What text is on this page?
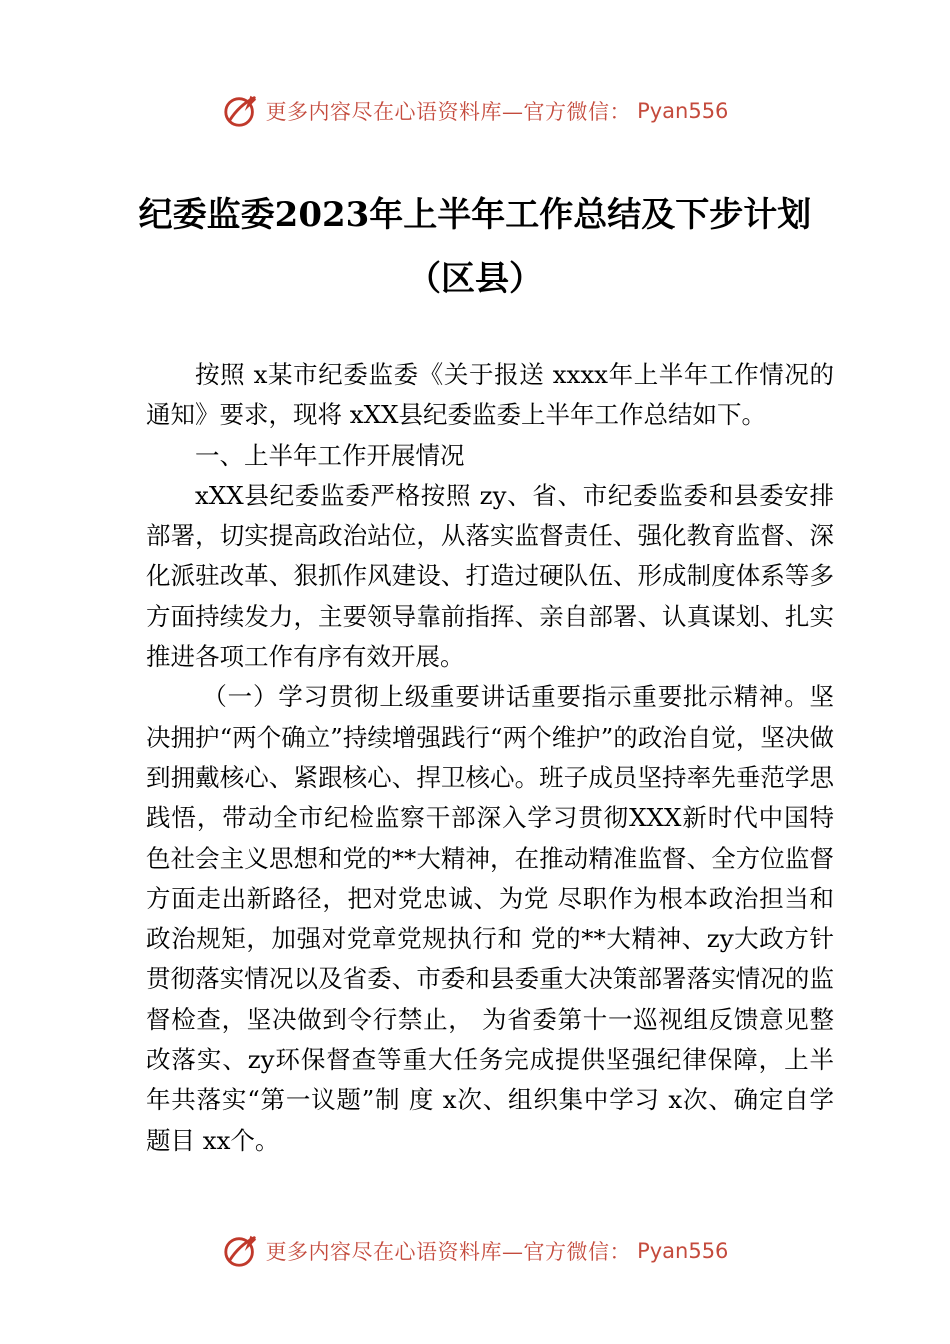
更多内容尽在心语资料库—官方微信： Pyan556
纪委监委2023年上半年工作总结及下步计划（区县）

按照 x某市纪委监委《关于报送 xxxx年上半年工作情况的通知》要求，现将 xXX县纪委监委上半年工作总结如下。

一、上半年工作开展情况

xXX县纪委监委严格按照 zy、省、市纪委监委和县委安排部署，切实提高政治站位，从落实监督责任、强化教育监督、深化派驻改革、狠抓作风建设、打造过硬队伍、形成制度体系等多方面持续发力，主要领导靠前指挥、亲自部署、认真谋划、扎实推进各项工作有序有效开展。

（一）学习贯彻上级重要讲话重要指示重要批示精神。坚决拥护“两个确立”持续增强践行“两个维护”的政治自觉，坚决做到拥戴核心、紧跟核心、捍卫核心。班子成员坚持率先垂范学思践悟，带动全市纪检监察干部深入学习贯彻XXX新时代中国特色社会主义思想和党的**大精神，在推动精准监督、全方位监督方面走出新路径，把对党忠诚、为党 尽职作为根本政治担当和政治规矩，加强对党章党规执行和 党的**大精神、zy大政方针贯彻落实情况以及省委、市委和县委重大决策部署落实情况的监督检查，坚决做到令行禁止， 为省委第十一巡视组反馈意见整改落实、zy环保督查等重大任务完成提供坚强纪律保障，上半年共落实“第一议题”制 度 x次、组织集中学习 x次、确定自学题目 xx个。

更多内容尽在心语资料库—官方微信： Pyan556
